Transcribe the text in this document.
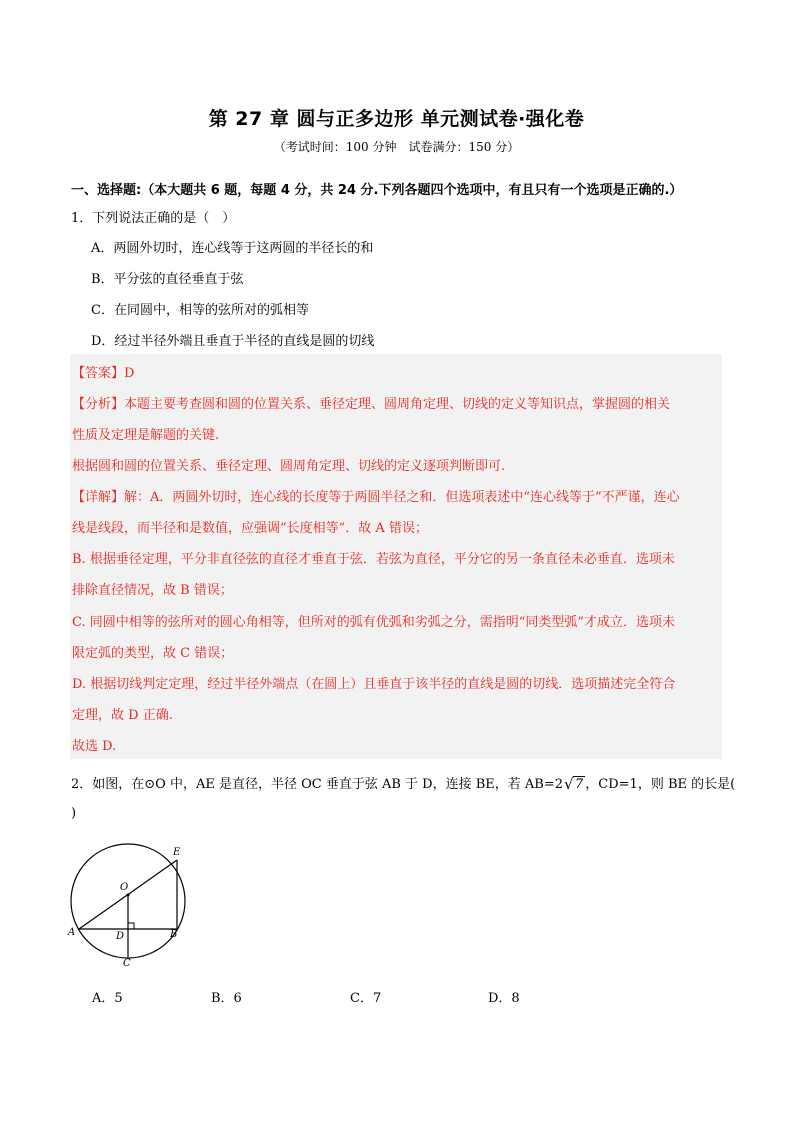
第 27 章 圆与正多边形 单元测试卷·强化卷
（考试时间：100 分钟　试卷满分：150 分）
一、选择题:（本大题共 6 题，每题 4 分，共 24 分.下列各题四个选项中，有且只有一个选项是正确的.）
1．下列说法正确的是（　）
A．两圆外切时，连心线等于这两圆的半径长的和
B．平分弦的直径垂直于弦
C．在同圆中，相等的弦所对的弧相等
D．经过半径外端且垂直于半径的直线是圆的切线
【答案】D
【分析】本题主要考查圆和圆的位置关系、垂径定理、圆周角定理、切线的定义等知识点，掌握圆的相关
性质及定理是解题的关键.
根据圆和圆的位置关系、垂径定理、圆周角定理、切线的定义逐项判断即可.
【详解】解：A．两圆外切时，连心线的长度等于两圆半径之和．但选项表述中“连心线等于”不严谨，连心
线是线段，而半径和是数值，应强调“长度相等”．故 A 错误；
B. 根据垂径定理，平分非直径弦的直径才垂直于弦．若弦为直径，平分它的另一条直径未必垂直．选项未
排除直径情况，故 B 错误；
C. 同圆中相等的弦所对的圆心角相等，但所对的弧有优弧和劣弧之分，需指明“同类型弧”才成立．选项未
限定弧的类型，故 C 错误；
D. 根据切线判定定理，经过半径外端点（在圆上）且垂直于该半径的直线是圆的切线．选项描述完全符合
定理，故 D 正确.
故选 D.
2．如图，在⊙O 中，AE 是直径，半径 OC 垂直于弦 AB 于 D，连接 BE，若 AB=2√ 7 ，CD=1，则 BE 的长是(
)
E
O
A	D	B
C
A．5	B．6	C．7	D．8
